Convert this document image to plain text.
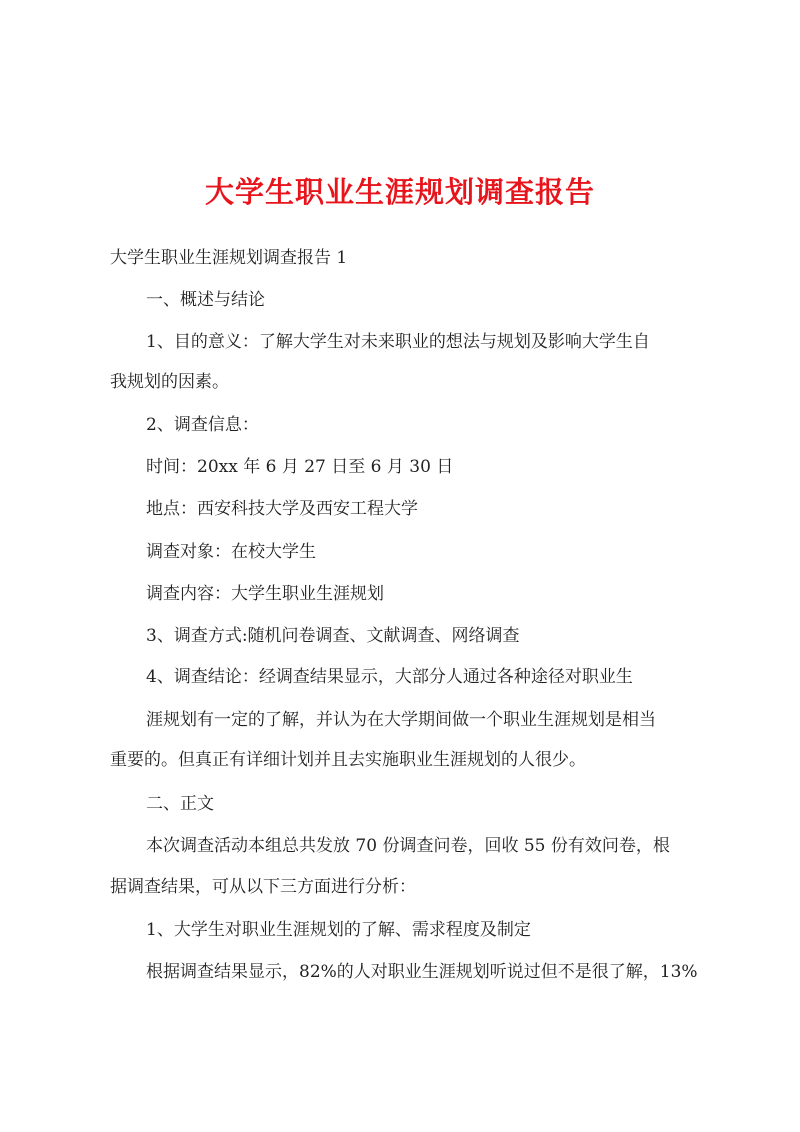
大学生职业生涯规划调查报告
大学生职业生涯规划调查报告 1
一、概述与结论
1、目的意义：了解大学生对未来职业的想法与规划及影响大学生自
我规划的因素。
2、调查信息：
时间：20xx 年 6 月 27 日至 6 月 30 日
地点：西安科技大学及西安工程大学
调查对象：在校大学生
调查内容：大学生职业生涯规划
3、调查方式:随机问卷调查、文献调查、网络调查
4、调查结论：经调查结果显示，大部分人通过各种途径对职业生
涯规划有一定的了解，并认为在大学期间做一个职业生涯规划是相当
重要的。但真正有详细计划并且去实施职业生涯规划的人很少。
二、正文
本次调查活动本组总共发放 70 份调查问卷，回收 55 份有效问卷，根
据调查结果，可从以下三方面进行分析：
1、大学生对职业生涯规划的了解、需求程度及制定
根据调查结果显示，82%的人对职业生涯规划听说过但不是很了解，13%
